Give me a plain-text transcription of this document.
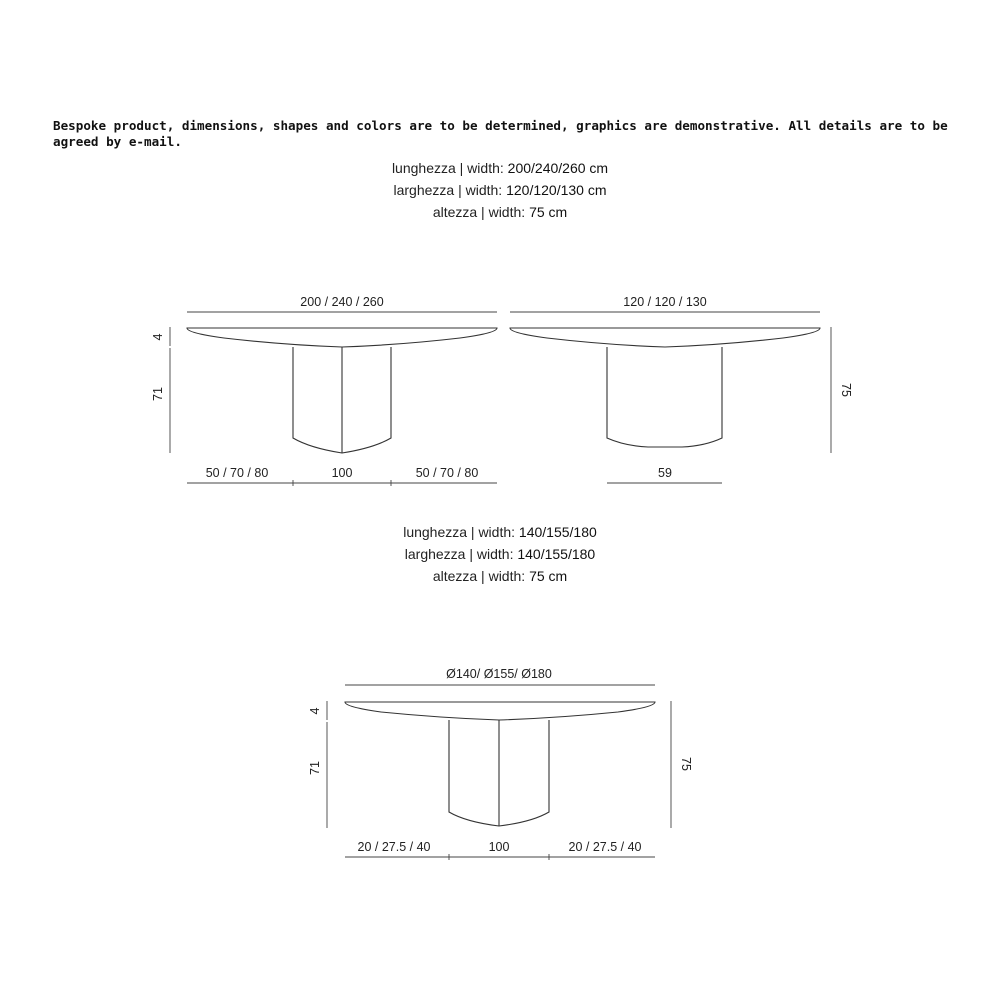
Bespoke product, dimensions, shapes and colors are to be determined, graphics are demonstrative. All details are to be agreed by e-mail.

lunghezza | width: 200/240/260 cm
larghezza | width: 120/120/130 cm
altezza | width: 75 cm
lunghezza | width: 140/155/180
larghezza | width: 140/155/180
altezza | width: 75 cm
200 / 240 / 260
4
71
50 / 70 / 80	100	50 / 70 / 80
120 / 120 / 130
75
59
Ø140/ Ø155/ Ø180
4
71	75
20 / 27.5 / 40	100	20 / 27.5 / 40
